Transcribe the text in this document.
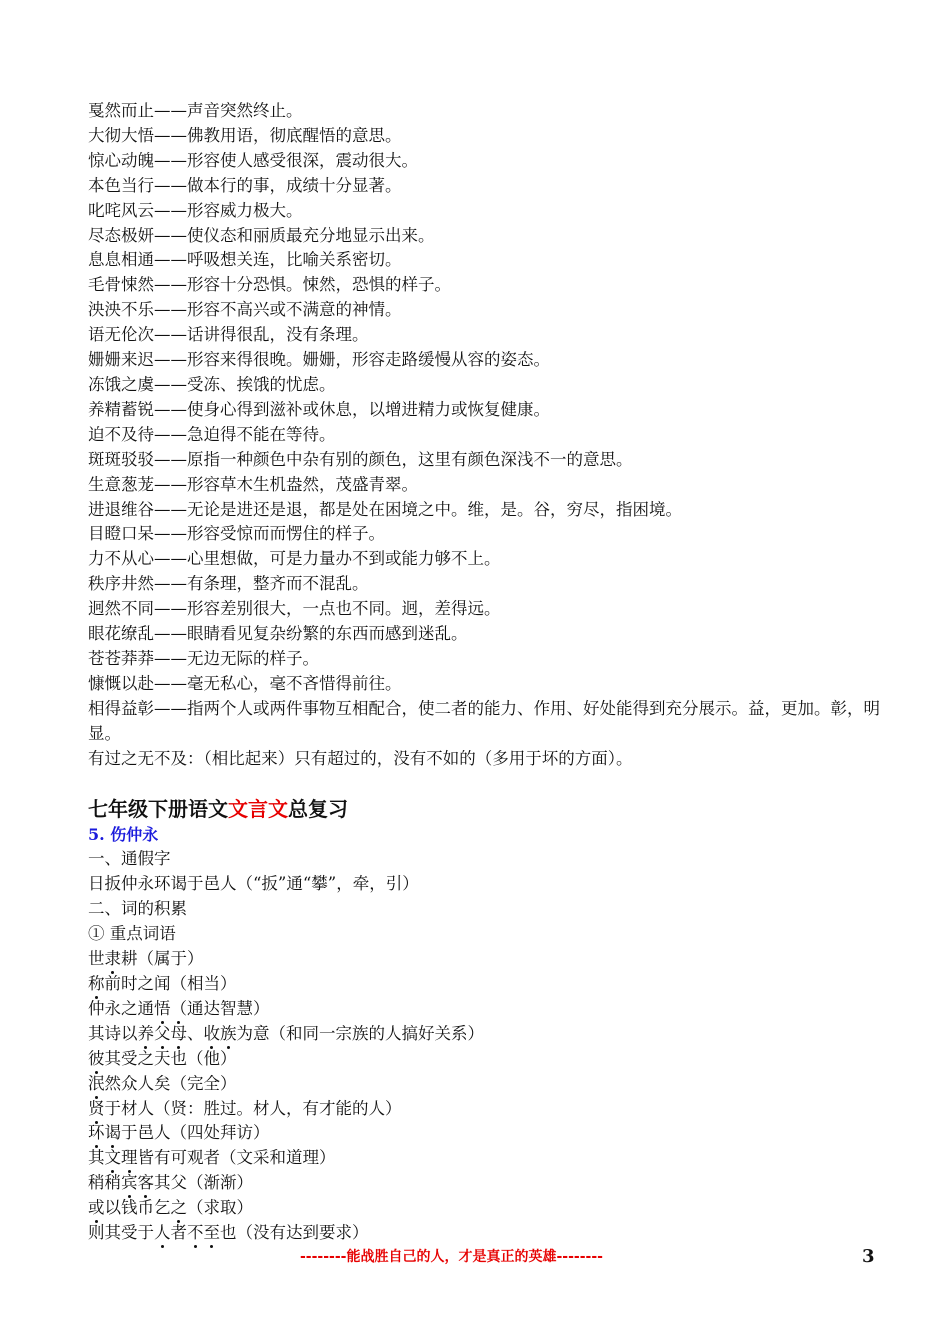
戛然而止——声音突然终止。
大彻大悟——佛教用语，彻底醒悟的意思。
惊心动魄——形容使人感受很深，震动很大。
本色当行——做本行的事，成绩十分显著。
叱咤风云——形容威力极大。
尽态极妍——使仪态和丽质最充分地显示出来。
息息相通——呼吸想关连，比喻关系密切。
毛骨悚然——形容十分恐惧。悚然，恐惧的样子。
泱泱不乐——形容不高兴或不满意的神情。
语无伦次——话讲得很乱，没有条理。
姗姗来迟——形容来得很晚。姗姗，形容走路缓慢从容的姿态。
冻饿之虞——受冻、挨饿的忧虑。
养精蓄锐——使身心得到滋补或休息，以增进精力或恢复健康。
迫不及待——急迫得不能在等待。
斑斑驳驳——原指一种颜色中杂有别的颜色，这里有颜色深浅不一的意思。
生意葱茏——形容草木生机盎然，茂盛青翠。
进退维谷——无论是进还是退，都是处在困境之中。维，是。谷，穷尽，指困境。
目瞪口呆——形容受惊而而愣住的样子。
力不从心——心里想做，可是力量办不到或能力够不上。
秩序井然——有条理，整齐而不混乱。
迥然不同——形容差别很大，一点也不同。迥，差得远。
眼花缭乱——眼睛看见复杂纷繁的东西而感到迷乱。
苍苍莽莽——无边无际的样子。
慷慨以赴——毫无私心，毫不吝惜得前往。
相得益彰——指两个人或两件事物互相配合，使二者的能力、作用、好处能得到充分展示。益，更加。彰，明显。
有过之无不及：（相比起来）只有超过的，没有不如的（多用于坏的方面）。
七年级下册语文文言文总复习
5. 伤仲永
一、通假字
日扳仲永环谒于邑人（“扳”通“攀”，牵，引）
二、词的积累
① 重点词语
世隶耕（属于）
称前时之闻（相当）
仲永之通悟（通达智慧）
其诗以养父母、收族为意（和同一宗族的人搞好关系）
彼其受之天也（他）
泯然众人矣（完全）
贤于材人（贤：胜过。材人，有才能的人）
环谒于邑人（四处拜访）
其文理皆有可观者（文采和道理）
稍稍宾客其父（渐渐）
或以钱币乞之（求取）
则其受于人者不至也（没有达到要求）
--------能战胜自己的人，才是真正的英雄--------	3
